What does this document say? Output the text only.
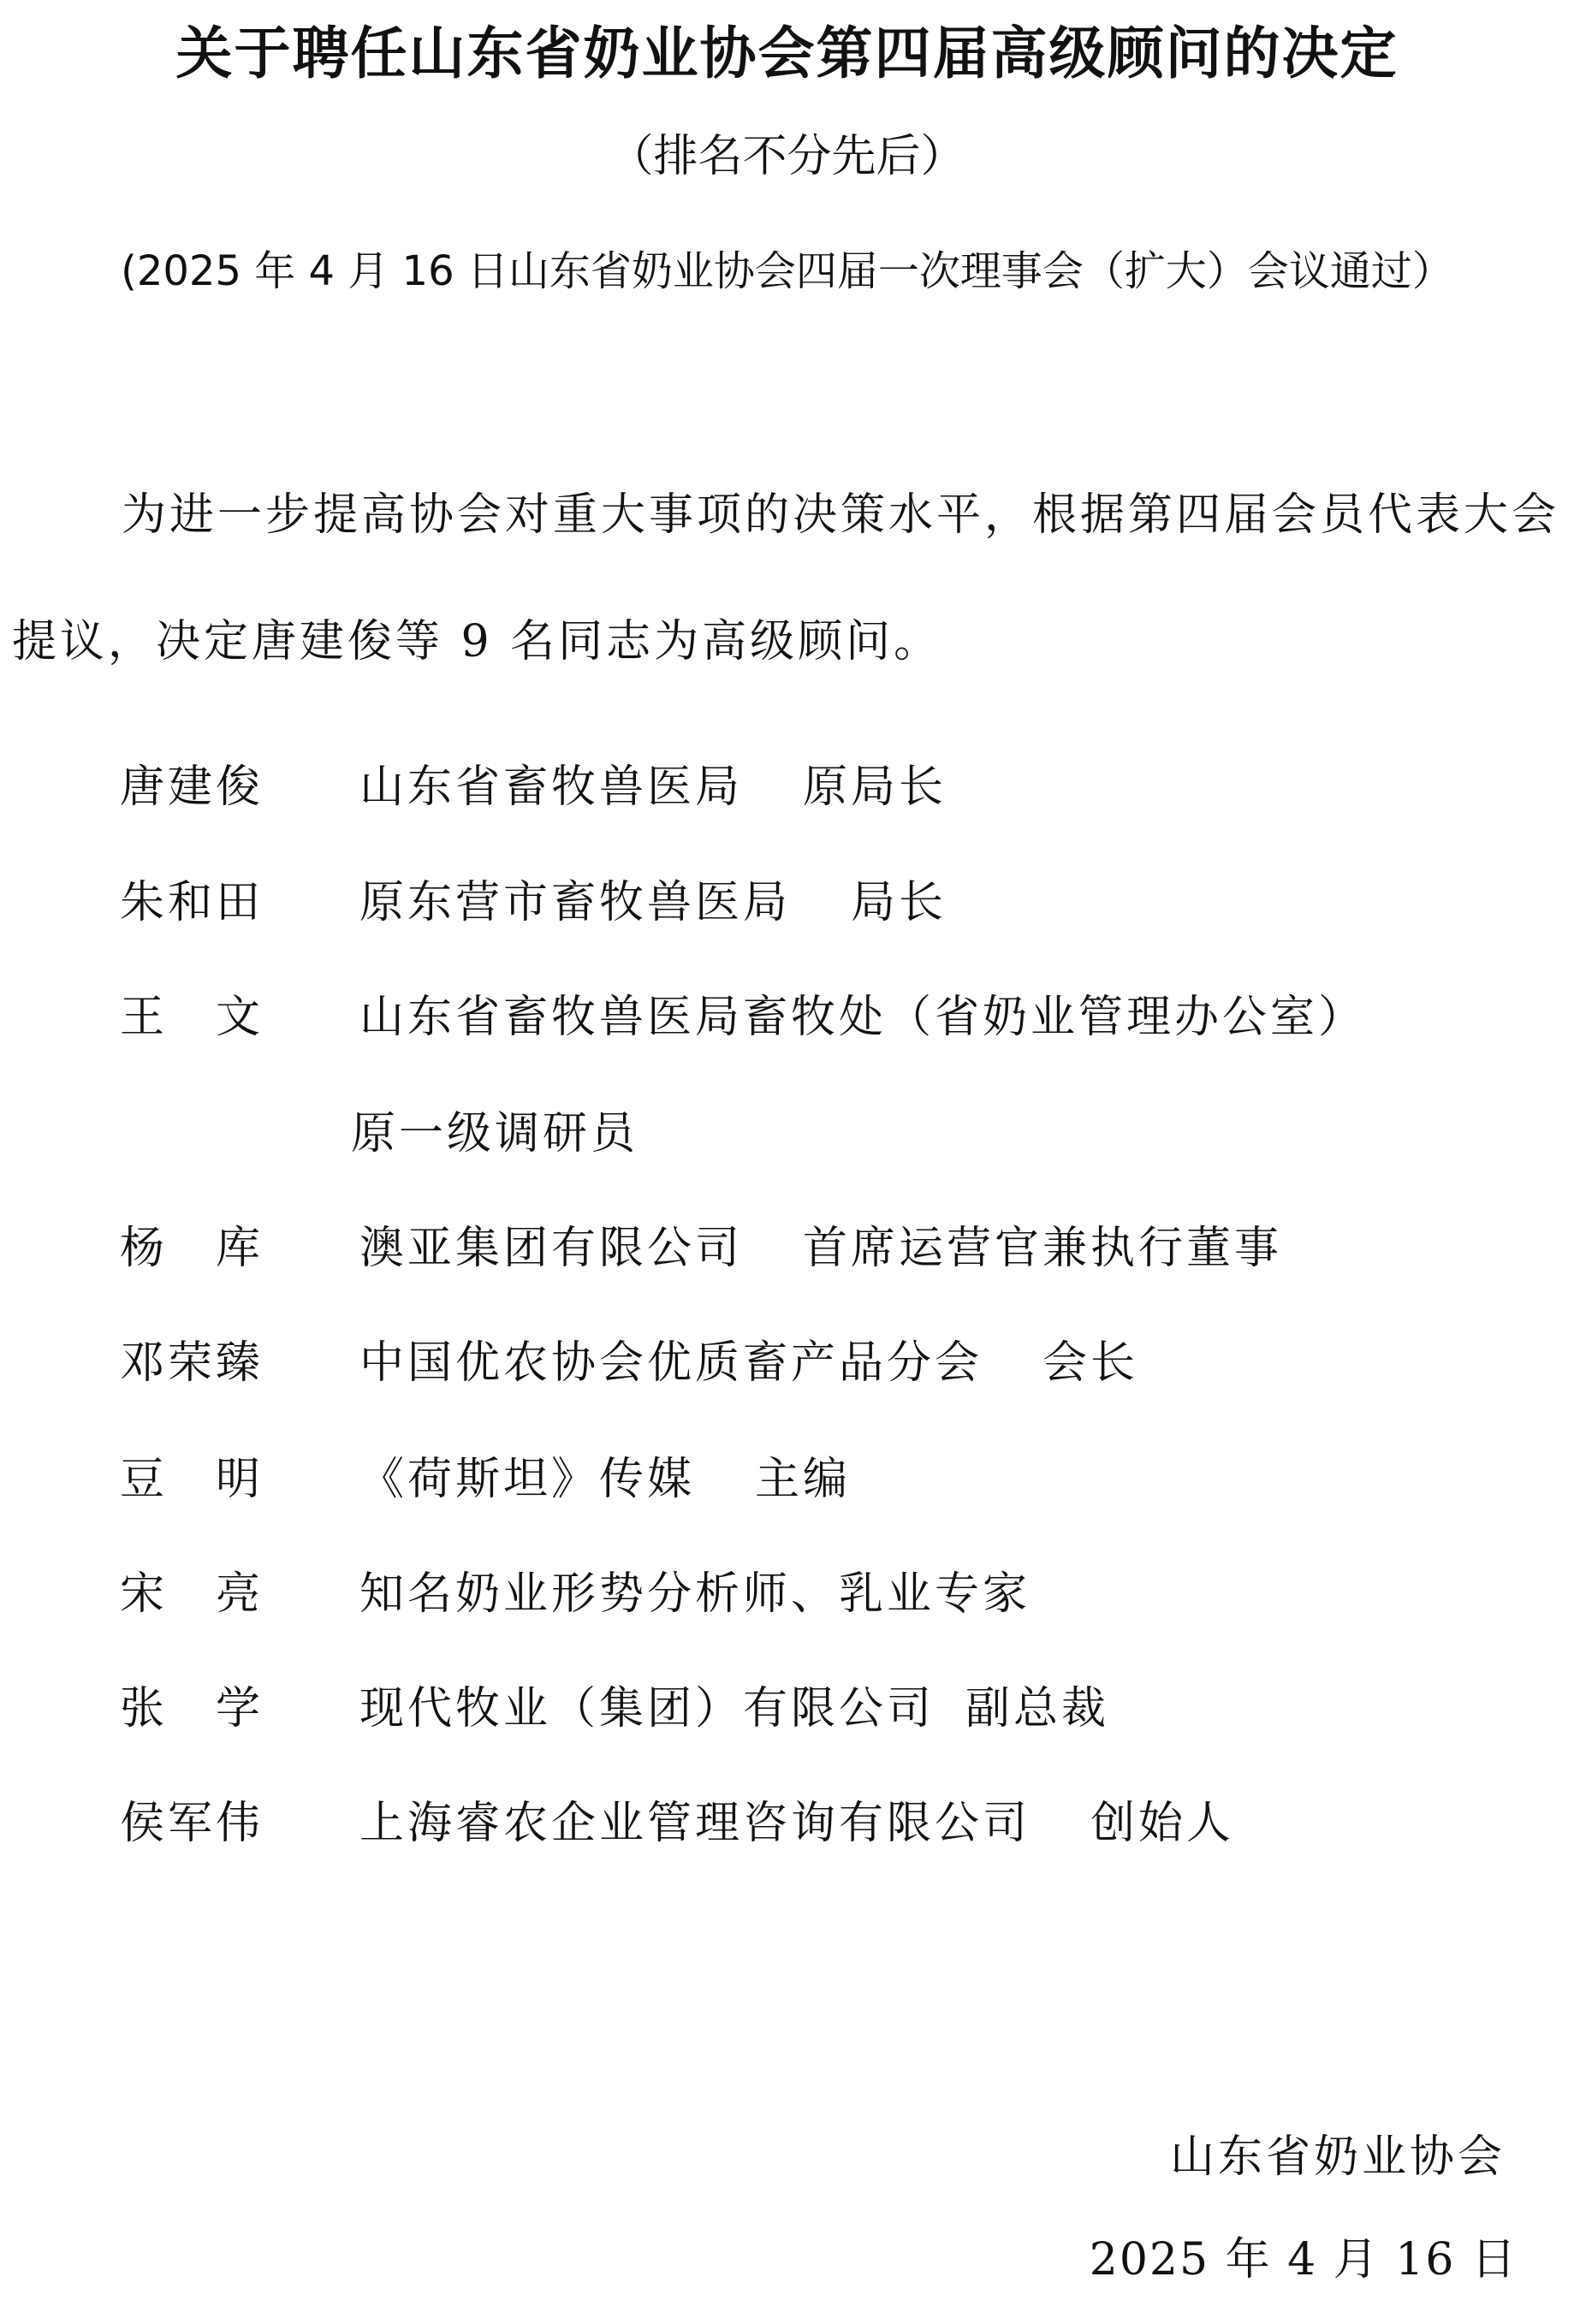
关于聘任山东省奶业协会第四届高级顾问的决定
（排名不分先后）
(2025 年 4 月 16 日山东省奶业协会四届一次理事会（扩大）会议通过）

为进一步提高协会对重大事项的决策水平，根据第四届会员代表大会提议，决定唐建俊等 9 名同志为高级顾问。

唐建俊	山东省畜牧兽医局 原局长
朱和田	原东营市畜牧兽医局 局长
王　文	山东省畜牧兽医局畜牧处（省奶业管理办公室）
原一级调研员
杨　库	澳亚集团有限公司 首席运营官兼执行董事
邓荣臻	中国优农协会优质畜产品分会 会长
豆　明	《荷斯坦》传媒 主编
宋　亮	知名奶业形势分析师、乳业专家
张　学	现代牧业（集团）有限公司 副总裁
侯军伟	上海睿农企业管理咨询有限公司 创始人
山东省奶业协会
2025 年 4 月 16 日
